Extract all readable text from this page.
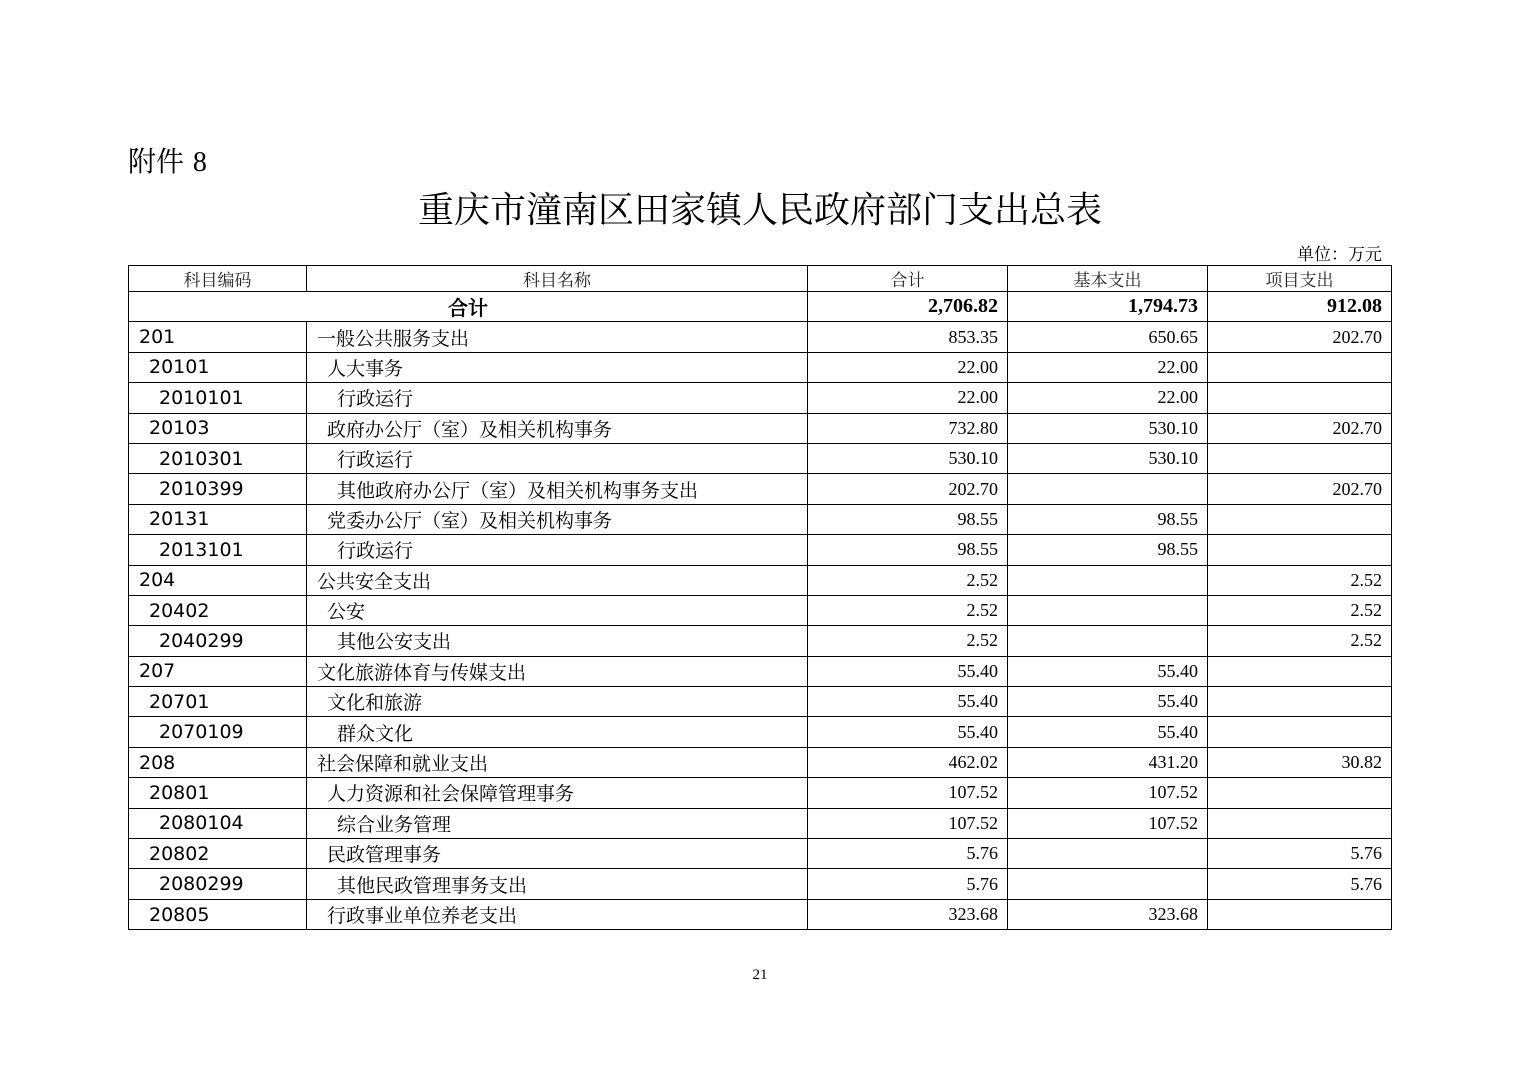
附件 8
重庆市潼南区田家镇人民政府部门支出总表
单位：万元
科目编码	科目名称	合计	基本支出	项目支出
合计		2,706.82	1,794.73	912.08
201	一般公共服务支出	853.35	650.65	202.70
20101	人大事务	22.00	22.00	
2010101	行政运行	22.00	22.00	
20103	政府办公厅（室）及相关机构事务	732.80	530.10	202.70
2010301	行政运行	530.10	530.10	
2010399	其他政府办公厅（室）及相关机构事务支出	202.70		202.70
20131	党委办公厅（室）及相关机构事务	98.55	98.55	
2013101	行政运行	98.55	98.55	
204	公共安全支出	2.52		2.52
20402	公安	2.52		2.52
2040299	其他公安支出	2.52		2.52
207	文化旅游体育与传媒支出	55.40	55.40	
20701	文化和旅游	55.40	55.40	
2070109	群众文化	55.40	55.40	
208	社会保障和就业支出	462.02	431.20	30.82
20801	人力资源和社会保障管理事务	107.52	107.52	
2080104	综合业务管理	107.52	107.52	
20802	民政管理事务	5.76		5.76
2080299	其他民政管理事务支出	5.76		5.76
20805	行政事业单位养老支出	323.68	323.68	
21
